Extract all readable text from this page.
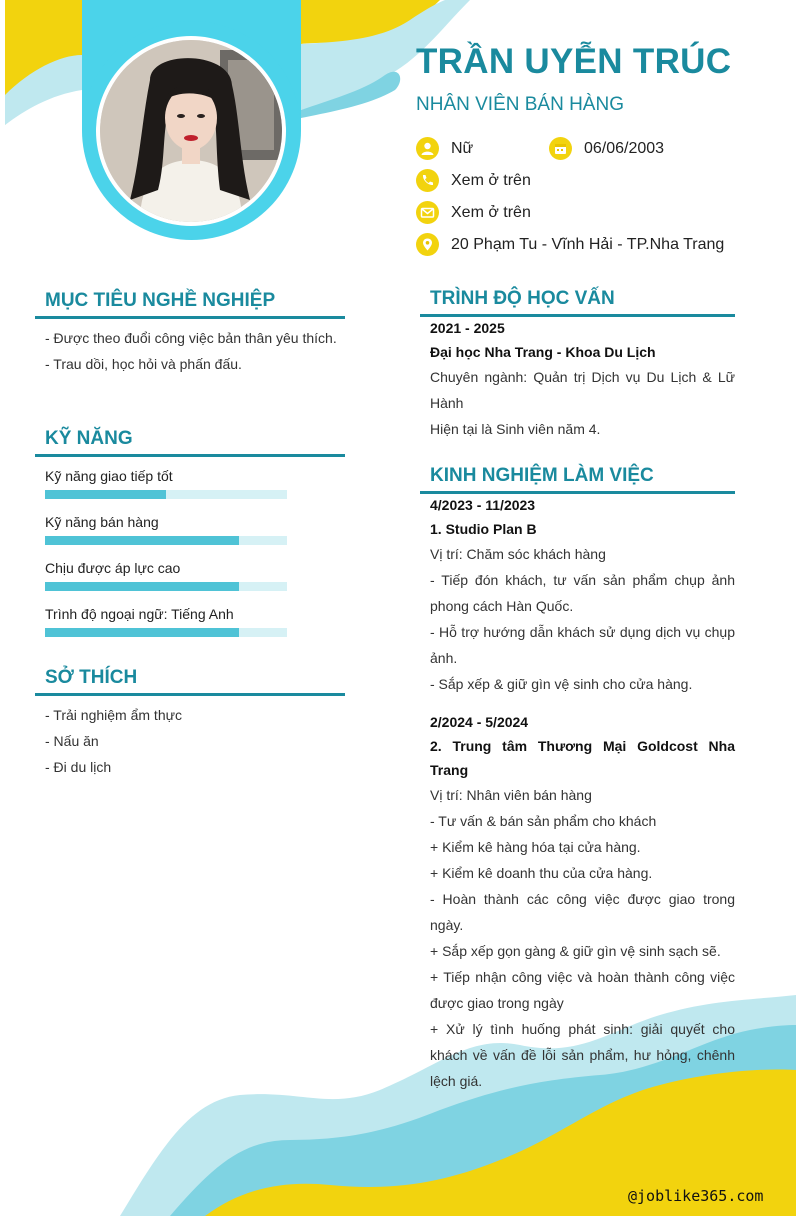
TRẦN UYỄN TRÚC
NHÂN VIÊN BÁN HÀNG
Nữ	06/06/2003
Xem ở trên
Xem ở trên
20 Phạm Tu - Vĩnh Hải - TP.Nha Trang
MỤC TIÊU NGHỀ NGHIỆP
- Được theo đuổi công việc bản thân yêu thích.
- Trau dồi, học hỏi và phấn đấu.
KỸ NĂNG
Kỹ năng giao tiếp tốt
Kỹ năng bán hàng
Chịu được áp lực cao
Trình độ ngoại ngữ: Tiếng Anh
SỞ THÍCH
- Trải nghiệm ẩm thực
- Nấu ăn
- Đi du lịch
TRÌNH ĐỘ HỌC VẤN
2021 - 2025
Đại học Nha Trang - Khoa Du Lịch
Chuyên ngành: Quản trị Dịch vụ Du Lịch & Lữ Hành
Hiện tại là Sinh viên năm 4.
KINH NGHIỆM LÀM VIỆC
4/2023 - 11/2023
1. Studio Plan B
Vị trí: Chăm sóc khách hàng
- Tiếp đón khách, tư vấn sản phẩm chụp ảnh phong cách Hàn Quốc.
- Hỗ trợ hướng dẫn khách sử dụng dịch vụ chụp ảnh.
- Sắp xếp & giữ gìn vệ sinh cho cửa hàng.
2/2024 - 5/2024
2. Trung tâm Thương Mại Goldcost Nha Trang
Vị trí: Nhân viên bán hàng
- Tư vấn & bán sản phẩm cho khách
+ Kiểm kê hàng hóa tại cửa hàng.
+ Kiểm kê doanh thu của cửa hàng.
- Hoàn thành các công việc được giao trong ngày.
+ Sắp xếp gọn gàng & giữ gìn vệ sinh sạch sẽ.
+ Tiếp nhận công việc và hoàn thành công việc được giao trong ngày
+ Xử lý tình huống phát sinh: giải quyết cho khách về vấn đề lỗi sản phẩm, hư hỏng, chênh lệch giá.
@joblike365.com
